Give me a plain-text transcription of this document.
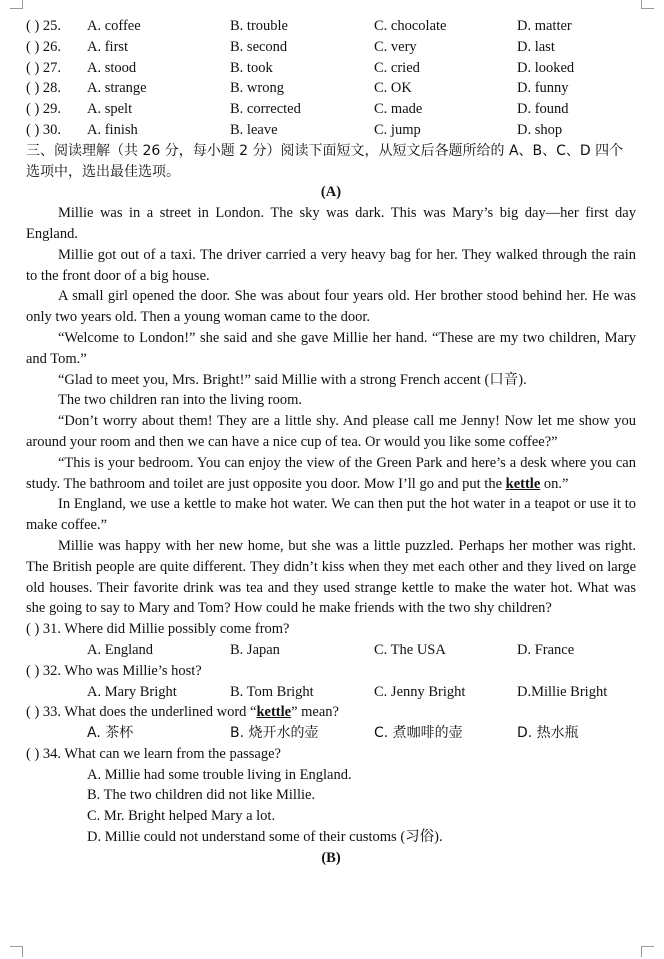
( ) 25. A. coffee	B. trouble	C. chocolate	D. matter
( ) 26. A. first	B. second	C. very	D. last
( ) 27. A. stood	B. took	C. cried	D. looked
( ) 28. A. strange	B. wrong	C. OK	D. funny
( ) 29. A. spelt	B. corrected	C. made	D. found
( ) 30. A. finish	B. leave	C. jump	D. shop
三、阅读理解（共 26 分，每小题 2 分）阅读下面短文，从短文后各题所给的 A、B、C、D 四个选项中，选出最佳选项。
(A)

Millie was in a street in London. The sky was dark. This was Mary’s big day—her first day England.

Millie got out of a taxi. The driver carried a very heavy bag for her. They walked through the rain to the front door of a big house.

A small girl opened the door. She was about four years old. Her brother stood behind her. He was only two years old. Then a young woman came to the door.

“Welcome to London!” she said and she gave Millie her hand. “These are my two children, Mary and Tom.”

“Glad to meet you, Mrs. Bright!” said Millie with a strong French accent (口音).

The two children ran into the living room.

“Don’t worry about them! They are a little shy. And please call me Jenny! Now let me show you around your room and then we can have a nice cup of tea. Or would you like some coffee?”

“This is your bedroom. You can enjoy the view of the Green Park and here’s a desk where you can study. The bathroom and toilet are just opposite you door. Mow I’ll go and put the kettle on.”

In England, we use a kettle to make hot water. We can then put the hot water in a teapot or use it to make coffee.”

Millie was happy with her new home, but she was a little puzzled. Perhaps her mother was right. The British people are quite different. They didn’t kiss when they met each other and they lived on large old houses. Their favorite drink was tea and they used strange kettle to make the water hot. What was she going to say to Mary and Tom? How could he make friends with the two shy children?

( ) 31. Where did Millie possibly come from?
A. England	B. Japan	C. The USA	D. France
( ) 32. Who was Millie’s host?
A. Mary Bright	B. Tom Bright	C. Jenny Bright	D.Millie Bright
( ) 33. What does the underlined word “kettle” mean?
A. 茶杯	B. 烧开水的壶	C. 煮咖啡的壶	D. 热水瓶
( ) 34. What can we learn from the passage?
A. Millie had some trouble living in England.
B. The two children did not like Millie.
C. Mr. Bright helped Mary a lot.
D. Millie could not understand some of their customs (习俗).
(B)
